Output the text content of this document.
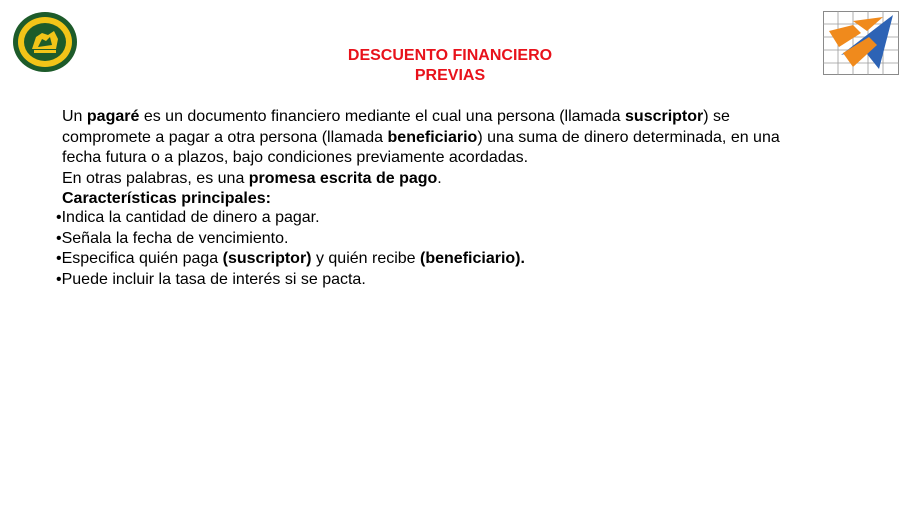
DESCUENTO FINANCIERO
PREVIAS

Un pagaré es un documento financiero mediante el cual una persona (llamada suscriptor) se compromete a pagar a otra persona (llamada beneficiario) una suma de dinero determinada, en una fecha futura o a plazos, bajo condiciones previamente acordadas.

En otras palabras, es una promesa escrita de pago.

Características principales:

•Indica la cantidad de dinero a pagar.
•Señala la fecha de vencimiento.
•Especifica quién paga (suscriptor) y quién recibe (beneficiario).
•Puede incluir la tasa de interés si se pacta.
